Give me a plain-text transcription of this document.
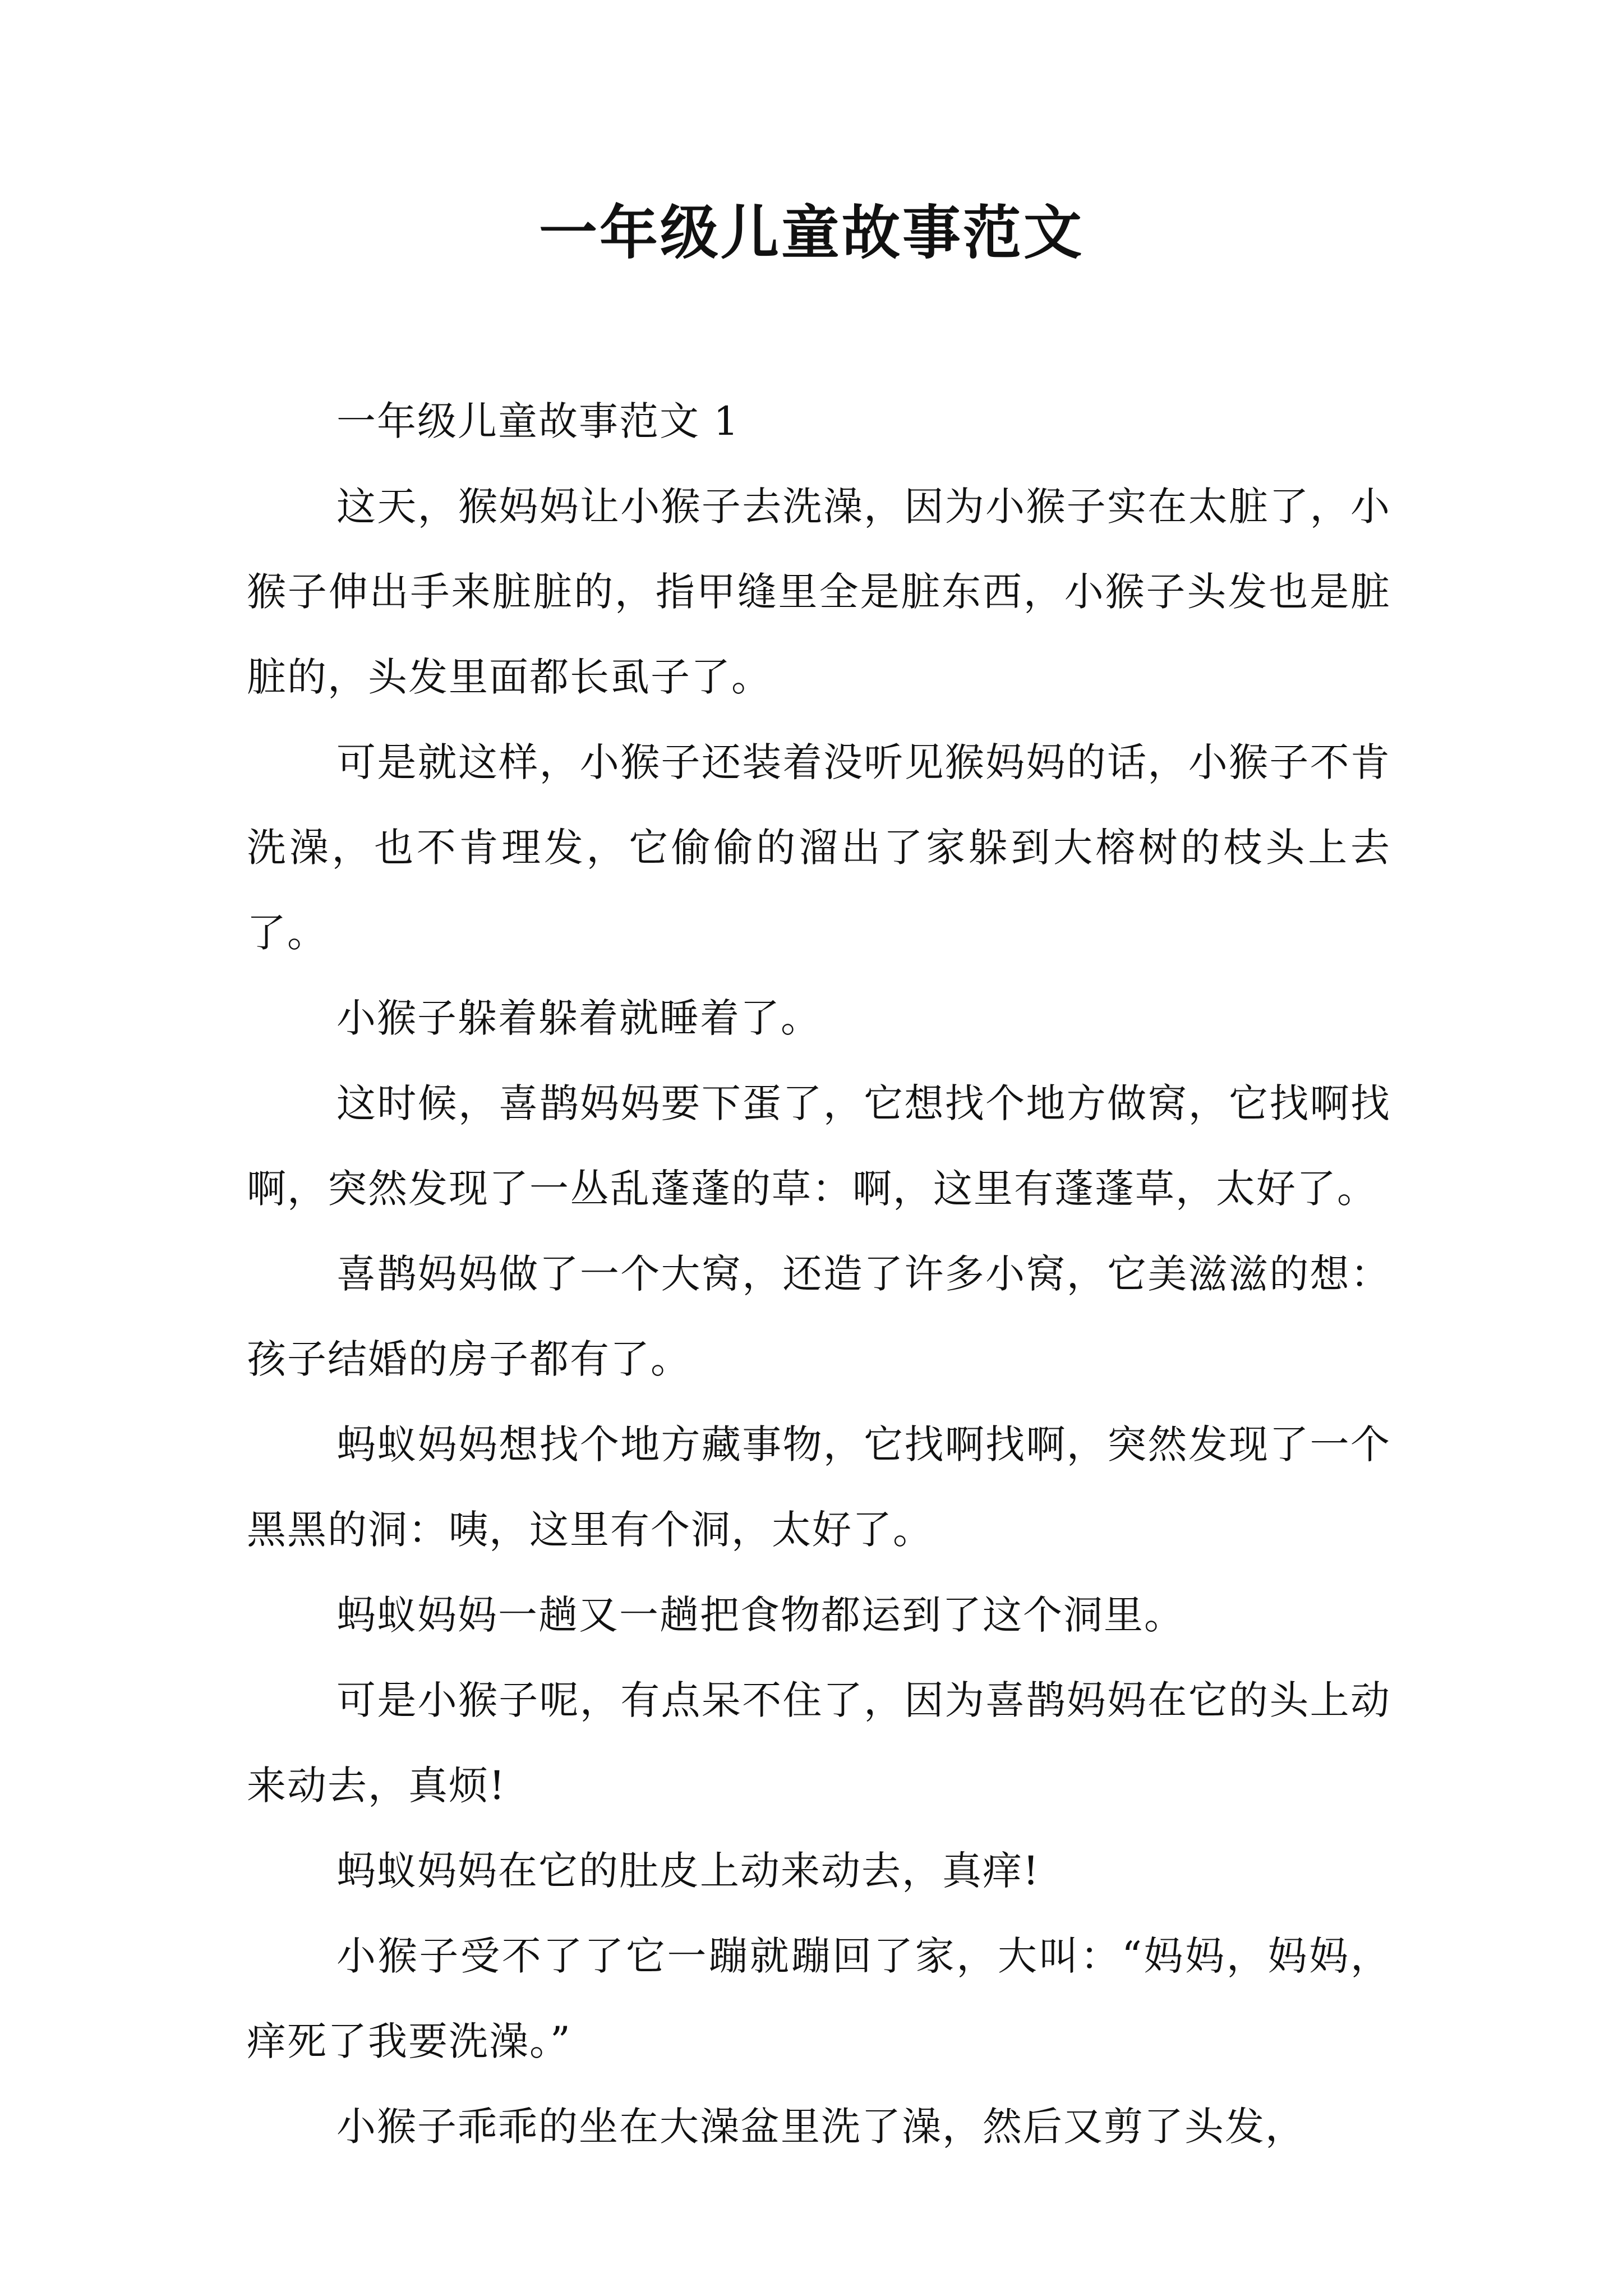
一年级儿童故事范文

一年级儿童故事范文 1

这天，猴妈妈让小猴子去洗澡，因为小猴子实在太脏了，小猴子伸出手来脏脏的，指甲缝里全是脏东西，小猴子头发也是脏脏的，头发里面都长虱子了。

可是就这样，小猴子还装着没听见猴妈妈的话，小猴子不肯洗澡，也不肯理发，它偷偷的溜出了家躲到大榕树的枝头上去了。

小猴子躲着躲着就睡着了。

这时候，喜鹊妈妈要下蛋了，它想找个地方做窝，它找啊找啊，突然发现了一丛乱蓬蓬的草：啊，这里有蓬蓬草，太好了。

喜鹊妈妈做了一个大窝，还造了许多小窝，它美滋滋的想：孩子结婚的房子都有了。

蚂蚁妈妈想找个地方藏事物，它找啊找啊，突然发现了一个黑黑的洞：咦，这里有个洞，太好了。

蚂蚁妈妈一趟又一趟把食物都运到了这个洞里。

可是小猴子呢，有点呆不住了，因为喜鹊妈妈在它的头上动来动去，真烦!

蚂蚁妈妈在它的肚皮上动来动去，真痒!

小猴子受不了了它一蹦就蹦回了家，大叫：“妈妈，妈妈，痒死了我要洗澡。”

小猴子乖乖的坐在大澡盆里洗了澡，然后又剪了头发，
